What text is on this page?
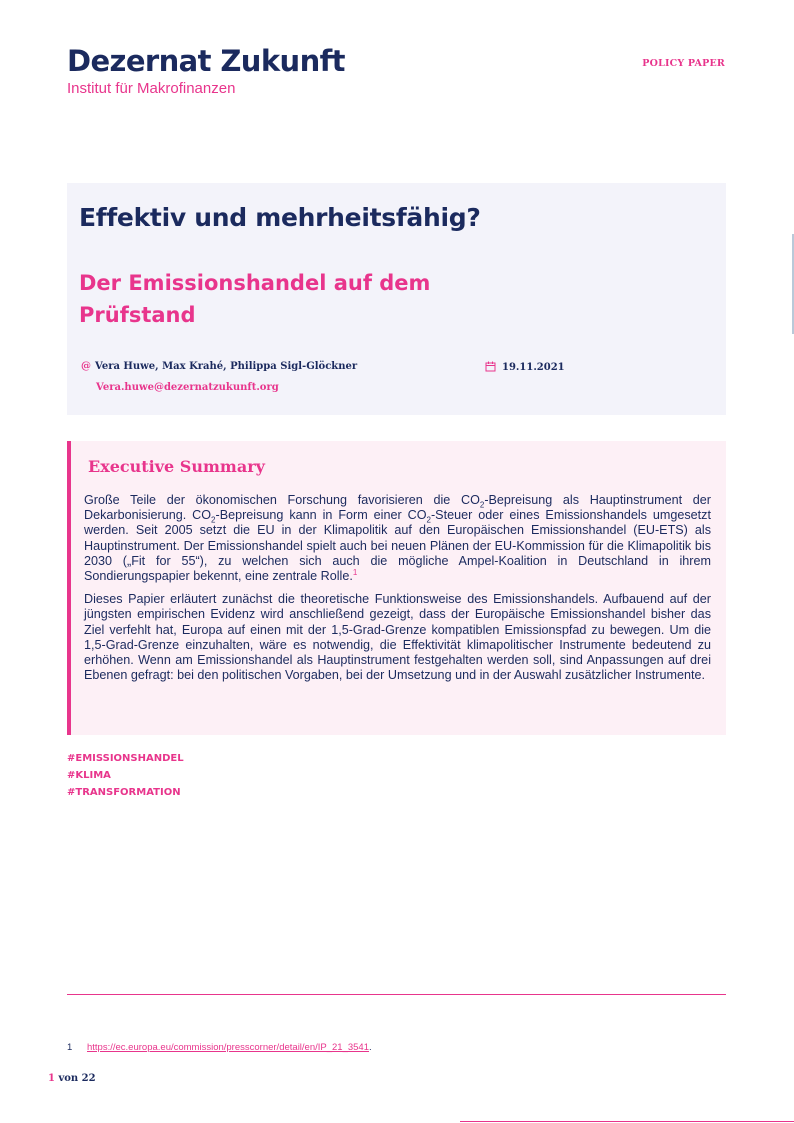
Dezernat Zukunft
Institut für Makrofinanzen
POLICY PAPER
Effektiv und mehrheitsfähig?
Der Emissionshandel auf dem Prüfstand
@ Vera Huwe, Max Krahé, Philippa Sigl-Glöckner
Vera.huwe@dezernatzukunft.org
19.11.2021
Executive Summary

Große Teile der ökonomischen Forschung favorisieren die $CO_2$-Bepreisung als Hauptinstrument der Dekarbonisierung. $CO_2$-Bepreisung kann in Form einer $CO_2$-Steuer oder eines Emissionshandels umgesetzt werden. Seit 2005 setzt die EU in der Klimapolitik auf den Europäischen Emissionshandel (EU-ETS) als Hauptinstrument. Der Emissionshandel spielt auch bei neuen Plänen der EU-Kommission für die Klimapolitik bis 2030 („Fit for 55“), zu welchen sich auch die mögliche Ampel-Koalition in Deutschland in ihrem Sondierungspapier bekennt, eine zentrale Rolle.$^1$

Dieses Papier erläutert zunächst die theoretische Funktionsweise des Emissionshandels. Aufbauend auf der jüngsten empirischen Evidenz wird anschließend gezeigt, dass der Europäische Emissionshandel bisher das Ziel verfehlt hat, Europa auf einen mit der 1,5-Grad-Grenze kompatiblen Emissionspfad zu bewegen. Um die 1,5-Grad-Grenze einzuhalten, wäre es notwendig, die Effektivität klimapolitischer Instrumente bedeutend zu erhöhen. Wenn am Emissionshandel als Hauptinstrument festgehalten werden soll, sind Anpassungen auf drei Ebenen gefragt: bei den politischen Vorgaben, bei der Umsetzung und in der Auswahl zusätzlicher Instrumente.

#EMISSIONSHANDEL
#KLIMA
#TRANSFORMATION
1 https://ec.europa.eu/commission/presscorner/detail/en/IP_21_3541.
1 von 22
